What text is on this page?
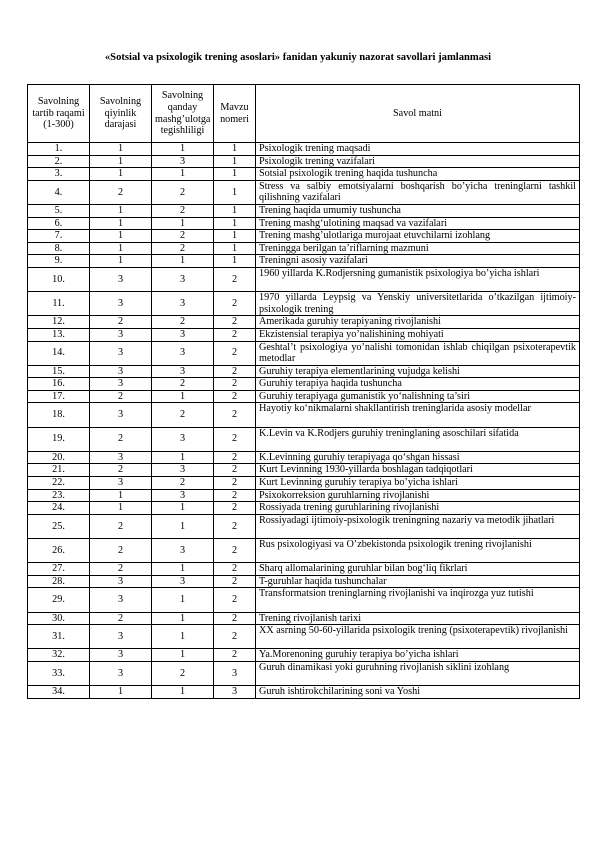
«Sotsial va psixologik trening asoslari» fanidan yakuniy nazorat savollari jamlanmasi
Savolning tartib raqami (1-300)	Savolning qiyinlik darajasi	Savolning qanday mashg’ulotga tegishliligi	Mavzu nomeri	Savol matni
1.	1	1	1	Psixologik trening maqsadi
2.	1	3	1	Psixologik trening vazifalari
3.	1	1	1	Sotsial psixologik trening haqida tushuncha
4.	2	2	1	Stress va salbiy emotsiyalarni boshqarish bo’yicha treninglarni tashkil qilishning vazifalari
5.	1	2	1	Trening haqida umumiy tushuncha
6.	1	1	1	Trening mashg‘ulotining maqsad va vazifalari
7.	1	2	1	Trening mashg’ulotlariga murojaat etuvchilarni izohlang
8.	1	2	1	Treningga berilgan ta’riflarning mazmuni
9.	1	1	1	Treningni asosiy vazifalari
10.	3	3	2	1960 yillarda K.Rodjersning gumanistik psixologiya bo’yicha ishlari
11.	3	3	2	1970 yillarda Leypsig va Yenskiy universitetlarida o’tkazilgan ijtimoiy-psixologik trening
12.	2	2	2	Amerikada guruhiy terapiyaning rivojlanishi
13.	3	3	2	Ekzistensial terapiya yo’nalishining mohiyati
14.	3	3	2	Geshtal’t psixologiya yo’nalishi tomonidan ishlab chiqilgan psixoterapevtik metodlar
15.	3	3	2	Guruhiy terapiya elementlarining vujudga kelishi
16.	3	2	2	Guruhiy terapiya haqida tushuncha
17.	2	1	2	Guruhiy terapiyaga gumanistik yo‘nalishning ta’siri
18.	3	2	2	Hayotiy ko‘nikmalarni shakllantirish treninglarida asosiy modellar
19.	2	3	2	K.Levin va K.Rodjers guruhiy treninglaning asoschilari sifatida
20.	3	1	2	K.Levinning guruhiy terapiyaga qo‘shgan hissasi
21.	2	3	2	Kurt Levinning 1930-yillarda boshlagan tadqiqotlari
22.	3	2	2	Kurt Levinning guruhiy terapiya bo’yicha ishlari
23.	1	3	2	Psixokorreksion guruhlarning rivojlanishi
24.	1	1	2	Rossiyada trening guruhlarining rivojlanishi
25.	2	1	2	Rossiyadagi ijtimoiy-psixologik treningning nazariy va metodik jihatlari
26.	2	3	2	Rus psixologiyasi va O’zbekistonda psixologik trening rivojlanishi
27.	2	1	2	Sharq allomalarining guruhlar bilan bog‘liq fikrlari
28.	3	3	2	T-guruhlar haqida tushunchalar
29.	3	1	2	Transformatsion treninglarning rivojlanishi va inqirozga yuz tutishi
30.	2	1	2	Trening rivojlanish tarixi
31.	3	1	2	XX asrning 50-60-yillarida psixologik trening (psixoterapevtik) rivojlanishi
32.	3	1	2	Ya.Morenoning guruhiy terapiya bo’yicha ishlari
33.	3	2	3	Guruh dinamikasi yoki guruhning rivojlanish siklini izohlang
34.	1	1	3	Guruh ishtirokchilarining soni va Yoshi
